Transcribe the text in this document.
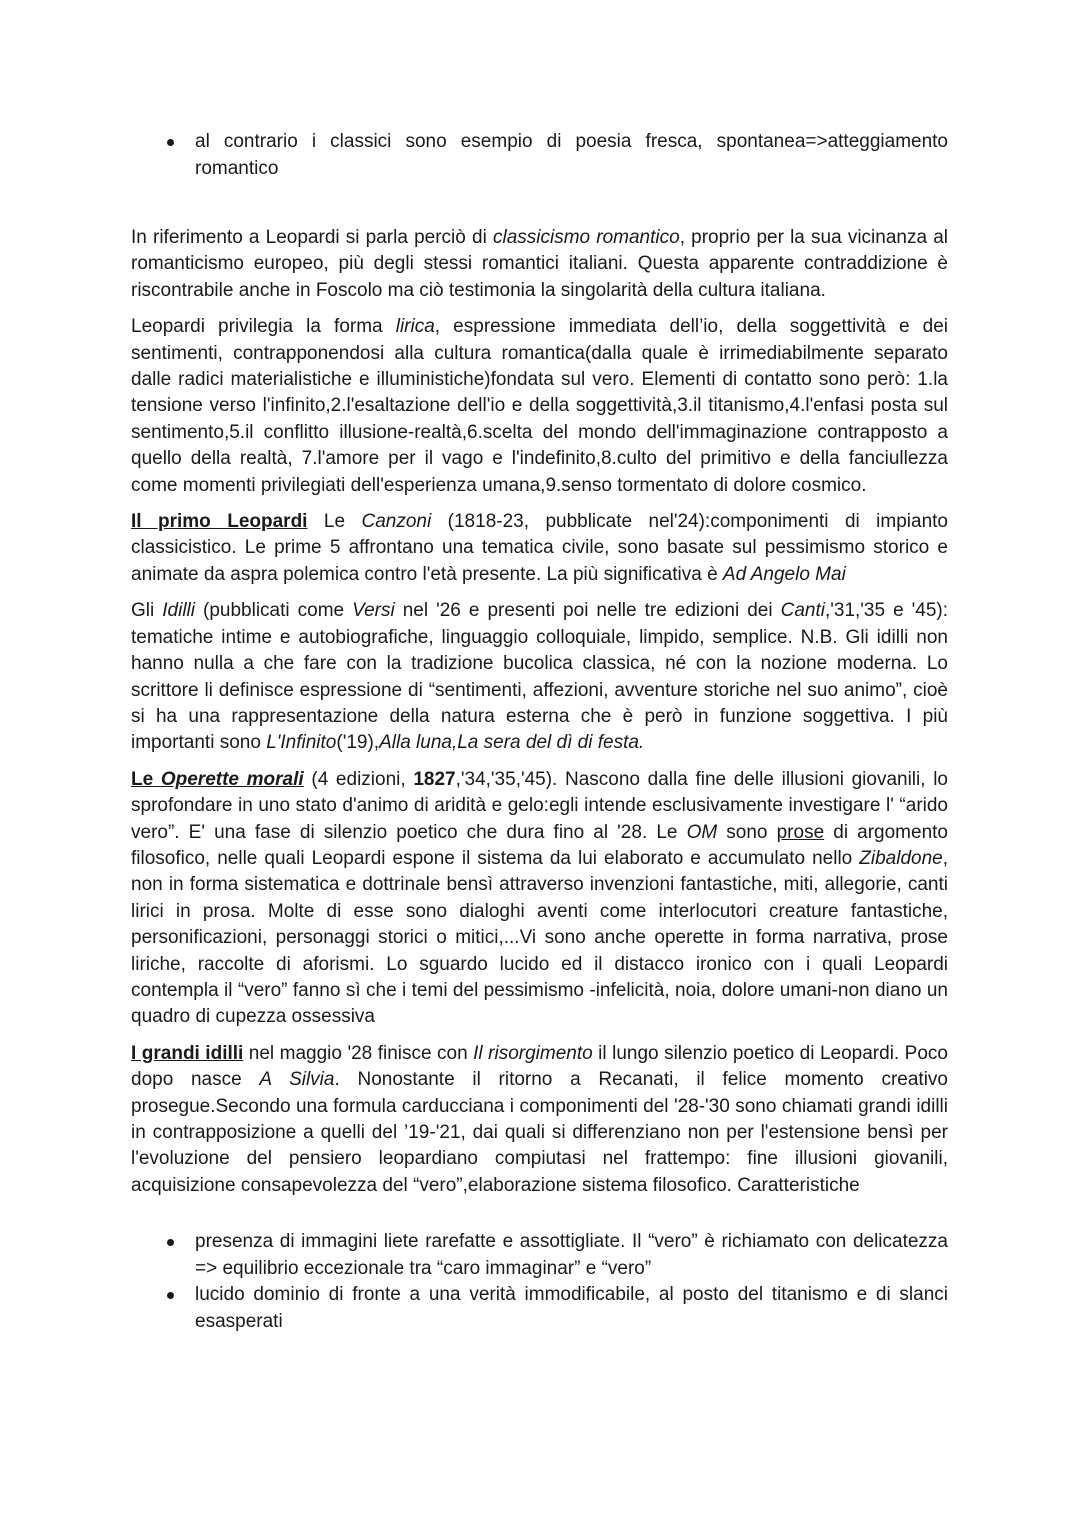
al contrario i classici sono esempio di poesia fresca, spontanea=>atteggiamento romantico

In riferimento a Leopardi si parla perciò di classicismo romantico, proprio per la sua vicinanza al romanticismo europeo, più degli stessi romantici italiani. Questa apparente contraddizione è riscontrabile anche in Foscolo ma ciò testimonia la singolarità della cultura italiana.

Leopardi privilegia la forma lirica, espressione immediata dell’io, della soggettività e dei sentimenti, contrapponendosi alla cultura romantica(dalla quale è irrimediabilmente separato dalle radici materialistiche e illuministiche)fondata sul vero. Elementi di contatto sono però: 1.la tensione verso l'infinito,2.l'esaltazione dell'io e della soggettività,3.il titanismo,4.l'enfasi posta sul sentimento,5.il conflitto illusione-realtà,6.scelta del mondo dell'immaginazione contrapposto a quello della realtà, 7.l'amore per il vago e l'indefinito,8.culto del primitivo e della fanciullezza come momenti privilegiati dell'esperienza umana,9.senso tormentato di dolore cosmico.

Il primo Leopardi Le Canzoni (1818-23, pubblicate nel'24):componimenti di impianto classicistico. Le prime 5 affrontano una tematica civile, sono basate sul pessimismo storico e animate da aspra polemica contro l'età presente. La più significativa è Ad Angelo Mai

Gli Idilli (pubblicati come Versi nel '26 e presenti poi nelle tre edizioni dei Canti,'31,'35 e '45): tematiche intime e autobiografiche, linguaggio colloquiale, limpido, semplice. N.B. Gli idilli non hanno nulla a che fare con la tradizione bucolica classica, né con la nozione moderna. Lo scrittore li definisce espressione di “sentimenti, affezioni, avventure storiche nel suo animo”, cioè si ha una rappresentazione della natura esterna che è però in funzione soggettiva. I più importanti sono L'Infinito('19),Alla luna,La sera del dì di festa.

Le Operette morali (4 edizioni, 1827,'34,'35,'45). Nascono dalla fine delle illusioni giovanili, lo sprofondare in uno stato d'animo di aridità e gelo:egli intende esclusivamente investigare l' “arido vero”. E' una fase di silenzio poetico che dura fino al '28. Le OM sono prose di argomento filosofico, nelle quali Leopardi espone il sistema da lui elaborato e accumulato nello Zibaldone, non in forma sistematica e dottrinale bensì attraverso invenzioni fantastiche, miti, allegorie, canti lirici in prosa. Molte di esse sono dialoghi aventi come interlocutori creature fantastiche, personificazioni, personaggi storici o mitici,...Vi sono anche operette in forma narrativa, prose liriche, raccolte di aforismi. Lo sguardo lucido ed il distacco ironico con i quali Leopardi contempla il “vero” fanno sì che i temi del pessimismo -infelicità, noia, dolore umani-non diano un quadro di cupezza ossessiva

I grandi idilli nel maggio '28 finisce con Il risorgimento il lungo silenzio poetico di Leopardi. Poco dopo nasce A Silvia. Nonostante il ritorno a Recanati, il felice momento creativo prosegue.Secondo una formula carducciana i componimenti del '28-'30 sono chiamati grandi idilli in contrapposizione a quelli del ’19-'21, dai quali si differenziano non per l'estensione bensì per l'evoluzione del pensiero leopardiano compiutasi nel frattempo: fine illusioni giovanili, acquisizione consapevolezza del “vero”,elaborazione sistema filosofico. Caratteristiche

presenza di immagini liete rarefatte e assottigliate. Il “vero” è richiamato con delicatezza => equilibrio eccezionale tra “caro immaginar” e “vero”
lucido dominio di fronte a una verità immodificabile, al posto del titanismo e di slanci esasperati
